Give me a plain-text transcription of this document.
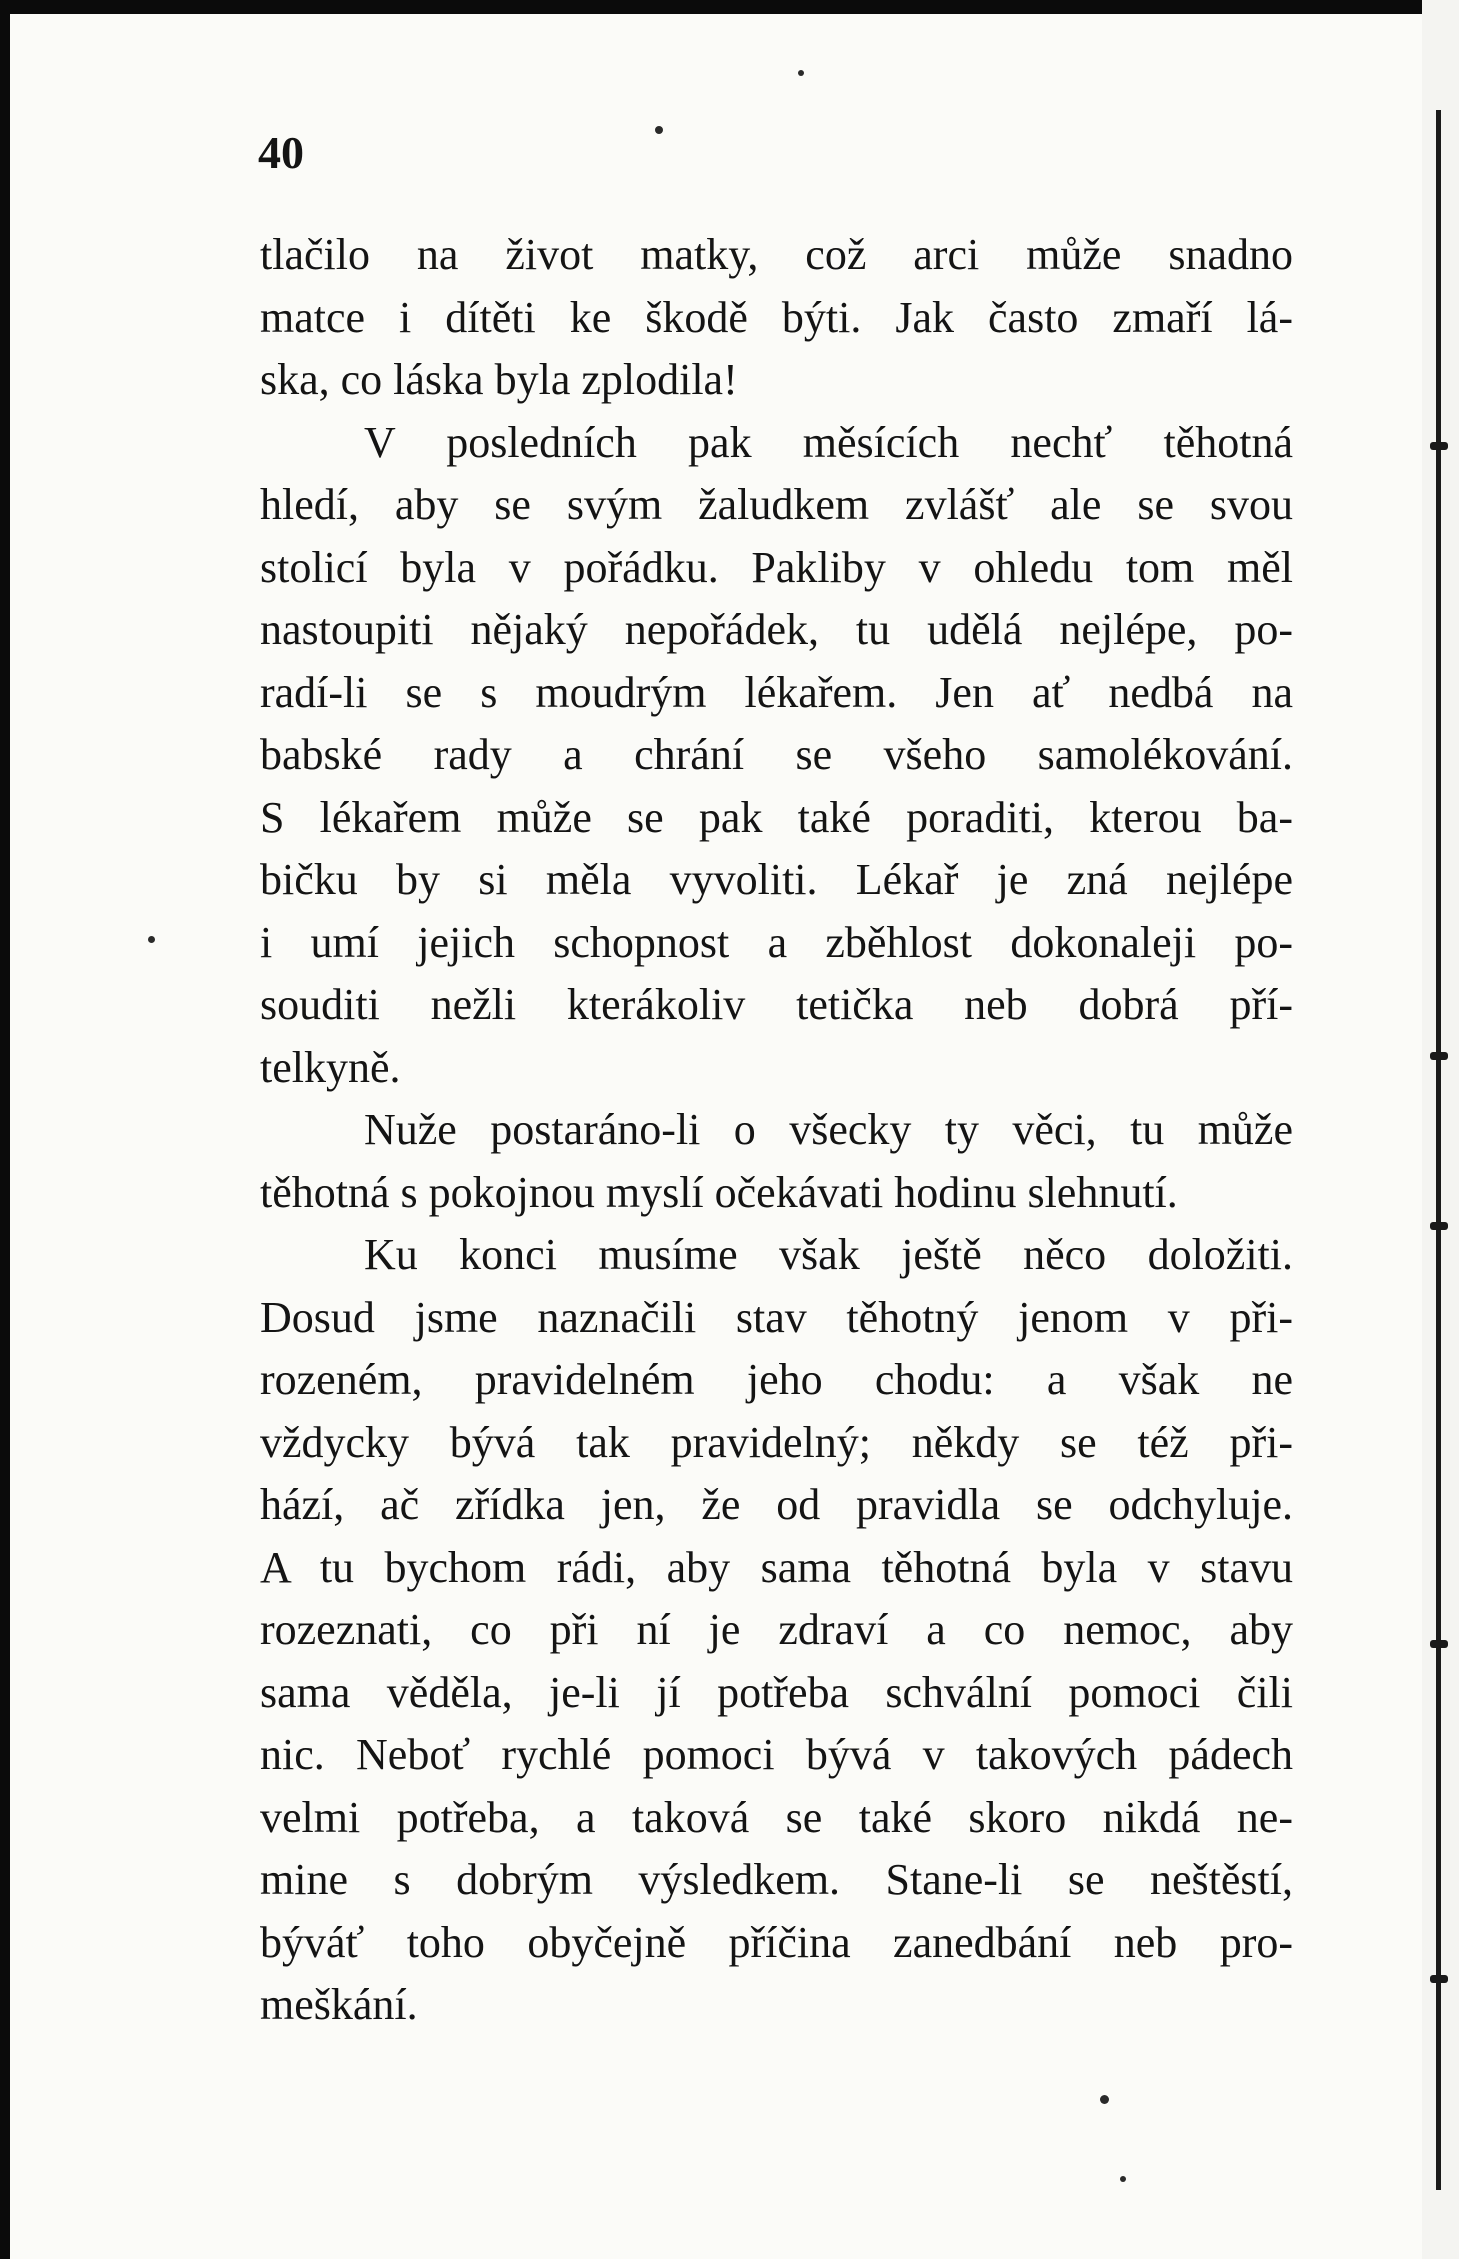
40
tlačilo na život matky, což arci může snadno
matce i dítěti ke škodě býti. Jak často zmaří lá-
ska, co láska byla zplodila!
V posledních pak měsících nechť těhotná
hledí, aby se svým žaludkem zvlášť ale se svou
stolicí byla v pořádku. Pakliby v ohledu tom měl
nastoupiti nějaký nepořádek, tu udělá nejlépe, po-
radí-li se s moudrým lékařem. Jen ať nedbá na
babské rady a chrání se všeho samolékování.
S lékařem může se pak také poraditi, kterou ba-
bičku by si měla vyvoliti. Lékař je zná nejlépe
i umí jejich schopnost a zběhlost dokonaleji po-
souditi nežli kterákoliv tetička neb dobrá pří-
telkyně.
Nuže postaráno-li o všecky ty věci, tu může
těhotná s pokojnou myslí očekávati hodinu slehnutí.
Ku konci musíme však ještě něco doložiti.
Dosud jsme naznačili stav těhotný jenom v při-
rozeném, pravidelném jeho chodu: a však ne
vždycky bývá tak pravidelný; někdy se též při-
hází, ač zřídka jen, že od pravidla se odchyluje.
A tu bychom rádi, aby sama těhotná byla v stavu
rozeznati, co při ní je zdraví a co nemoc, aby
sama věděla, je-li jí potřeba schvální pomoci čili
nic. Neboť rychlé pomoci bývá v takových pádech
velmi potřeba, a taková se také skoro nikdá ne-
mine s dobrým výsledkem. Stane-li se neštěstí,
býváť toho obyčejně příčina zanedbání neb pro-
meškání.
